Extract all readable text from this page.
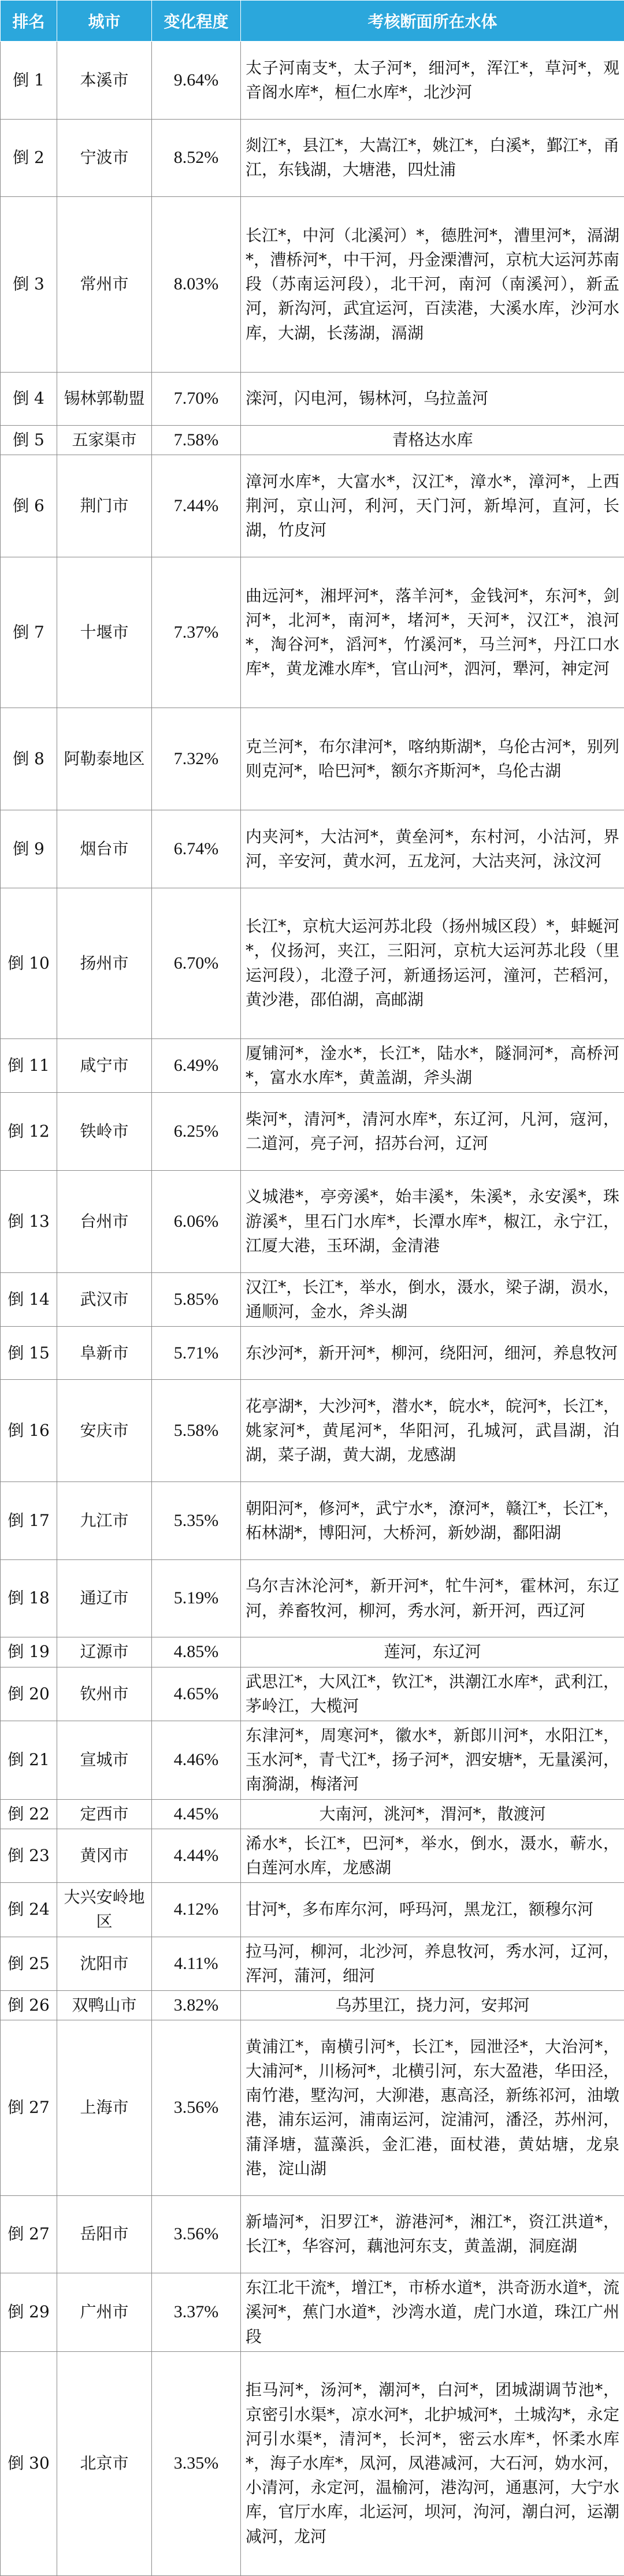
排名	城市	变化程度	考核断面所在水体
倒 1	本溪市	9.64%	太子河南支*，太子河*，细河*，浑江*，草河*，观音阁水库*，桓仁水库*，北沙河
倒 2	宁波市	8.52%	剡江*，县江*，大嵩江*，姚江*，白溪*，鄞江*，甬江，东钱湖，大塘港，四灶浦
倒 3	常州市	8.03%	长江*，中河（北溪河）*，德胜河*，漕里河*，滆湖*，漕桥河*，中干河，丹金溧漕河，京杭大运河苏南段（苏南运河段），北干河，南河（南溪河），新孟河，新沟河，武宜运河，百渎港，大溪水库，沙河水库，大湖，长荡湖，滆湖
倒 4	锡林郭勒盟	7.70%	滦河，闪电河，锡林河，乌拉盖河
倒 5	五家渠市	7.58%	青格达水库
倒 6	荆门市	7.44%	漳河水库*，大富水*，汉江*，漳水*，漳河*，上西荆河，京山河，利河，天门河，新埠河，直河，长湖，竹皮河
倒 7	十堰市	7.37%	曲远河*，湘坪河*，落羊河*，金钱河*，东河*，剑河*，北河*，南河*，堵河*，天河*，汉江*，浪河*，淘谷河*，滔河*，竹溪河*，马兰河*，丹江口水库*，黄龙滩水库*，官山河*，泗河，犟河，神定河
倒 8	阿勒泰地区	7.32%	克兰河*，布尔津河*，喀纳斯湖*，乌伦古河*，别列则克河*，哈巴河*，额尔齐斯河*，乌伦古湖
倒 9	烟台市	6.74%	内夹河*，大沽河*，黄垒河*，东村河，小沽河，界河，辛安河，黄水河，五龙河，大沽夹河，泳汶河
倒 10	扬州市	6.70%	长江*，京杭大运河苏北段（扬州城区段）*，蚌蜒河*，仪扬河，夹江，三阳河，京杭大运河苏北段（里运河段），北澄子河，新通扬运河，潼河，芒稻河，黄沙港，邵伯湖，高邮湖
倒 11	咸宁市	6.49%	厦铺河*，淦水*，长江*，陆水*，隧洞河*，高桥河*，富水水库*，黄盖湖，斧头湖
倒 12	铁岭市	6.25%	柴河*，清河*，清河水库*，东辽河，凡河，寇河，二道河，亮子河，招苏台河，辽河
倒 13	台州市	6.06%	义城港*，亭旁溪*，始丰溪*，朱溪*，永安溪*，珠游溪*，里石门水库*，长潭水库*，椒江，永宁江，江厦大港，玉环湖，金清港
倒 14	武汉市	5.85%	汉江*，长江*，举水，倒水，滠水，梁子湖，涢水，通顺河，金水，斧头湖
倒 15	阜新市	5.71%	东沙河*，新开河*，柳河，绕阳河，细河，养息牧河
倒 16	安庆市	5.58%	花亭湖*，大沙河*，潜水*，皖水*，皖河*，长江*，姚家河*，黄尾河*，华阳河，孔城河，武昌湖，泊湖，菜子湖，黄大湖，龙感湖
倒 17	九江市	5.35%	朝阳河*，修河*，武宁水*，潦河*，赣江*，长江*，柘林湖*，博阳河，大桥河，新妙湖，鄱阳湖
倒 18	通辽市	5.19%	乌尔吉沐沦河*，新开河*，牤牛河*，霍林河，东辽河，养畜牧河，柳河，秀水河，新开河，西辽河
倒 19	辽源市	4.85%	莲河，东辽河
倒 20	钦州市	4.65%	武思江*，大风江*，钦江*，洪潮江水库*，武利江，茅岭江，大榄河
倒 21	宣城市	4.46%	东津河*，周寒河*，徽水*，新郎川河*，水阳江*，玉水河*，青弋江*，扬子河*，泗安塘*，无量溪河，南漪湖，梅渚河
倒 22	定西市	4.45%	大南河，洮河*，渭河*，散渡河
倒 23	黄冈市	4.44%	浠水*，长江*，巴河*，举水，倒水，滠水，蕲水，白莲河水库，龙感湖
倒 24	大兴安岭地区	4.12%	甘河*，多布库尔河，呼玛河，黑龙江，额穆尔河
倒 25	沈阳市	4.11%	拉马河，柳河，北沙河，养息牧河，秀水河，辽河，浑河，蒲河，细河
倒 26	双鸭山市	3.82%	乌苏里江，挠力河，安邦河
倒 27	上海市	3.56%	黄浦江*，南横引河*，长江*，园泄泾*，大治河*，大浦河*，川杨河*，北横引河，东大盈港，华田泾，南竹港，墅沟河，大泖港，惠高泾，新练祁河，油墩港，浦东运河，浦南运河，淀浦河，潘泾，苏州河，蒲泽塘，蕰藻浜，金汇港，面杖港，黄姑塘，龙泉港，淀山湖
倒 27	岳阳市	3.56%	新墙河*，汨罗江*，游港河*，湘江*，资江洪道*，长江*，华容河，藕池河东支，黄盖湖，洞庭湖
倒 29	广州市	3.37%	东江北干流*，增江*，市桥水道*，洪奇沥水道*，流溪河*，蕉门水道*，沙湾水道，虎门水道，珠江广州段
倒 30	北京市	3.35%	拒马河*，汤河*，潮河*，白河*，团城湖调节池*，京密引水渠*，凉水河*，北护城河*，土城沟*，永定河引水渠*，清河*，长河*，密云水库*，怀柔水库*，海子水库*，凤河，凤港减河，大石河，妫水河，小清河，永定河，温榆河，港沟河，通惠河，大宁水库，官厅水库，北运河，坝河，泃河，潮白河，运潮减河，龙河
